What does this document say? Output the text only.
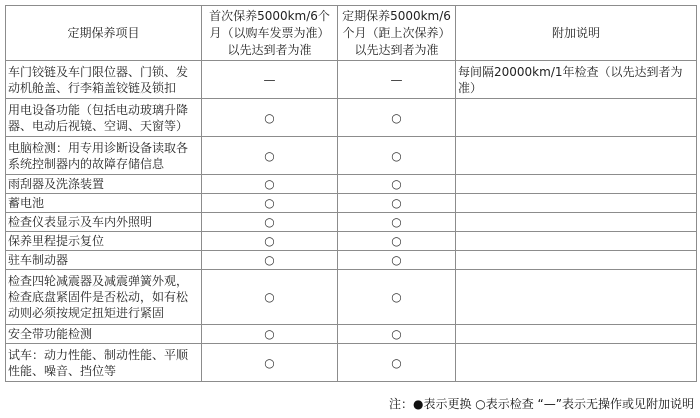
定期保养项目	首次保养5000km/6个月（以购车发票为准）以先达到者为准	定期保养5000km/6个月（距上次保养）以先达到者为准	附加说明
车门铰链及车门限位器、门锁、发动机舱盖、行李箱盖铰链及锁扣	—	—	每间隔20000km/1年检查（以先达到者为准）
用电设备功能（包括电动玻璃升降器、电动后视镜、空调、天窗等）	○	○	
电脑检测：用专用诊断设备读取各系统控制器内的故障存储信息	○	○	
雨刮器及洗涤装置	○	○	
蓄电池	○	○	
检查仪表显示及车内外照明	○	○	
保养里程提示复位	○	○	
驻车制动器	○	○	
检查四轮减震器及减震弹簧外观，检查底盘紧固件是否松动，如有松动则必须按规定扭矩进行紧固	○	○	
安全带功能检测	○	○	
试车：动力性能、制动性能、平顺性能、噪音、挡位等	○	○	
注：●表示更换 ○表示检查 “—”表示无操作或见附加说明
